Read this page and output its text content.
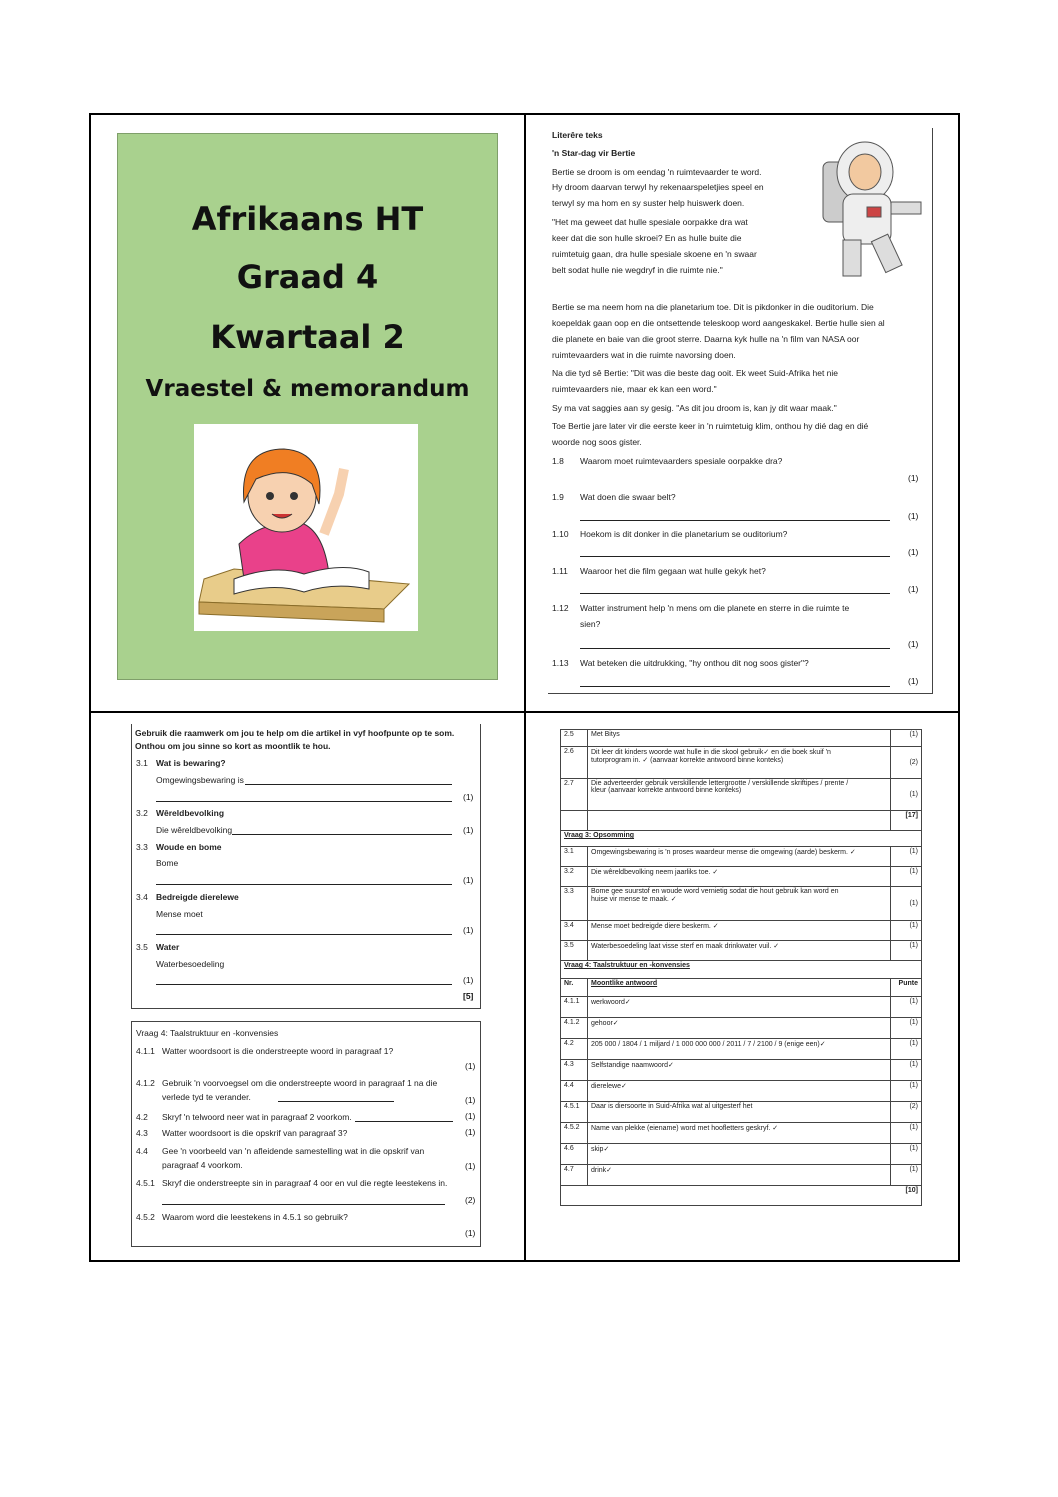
Afrikaans HT
Graad 4
Kwartaal 2
Vraestel & memorandum
Literêre teks
'n Star-dag vir Bertie
Bertie se droom is om eendag 'n ruimtevaarder te word.
Hy droom daarvan terwyl hy rekenaarspeletjies speel en
terwyl sy ma hom en sy suster help huiswerk doen.
"Het ma geweet dat hulle spesiale oorpakke dra wat
keer dat die son hulle skroei? En as hulle buite die
ruimtetuig gaan, dra hulle spesiale skoene en 'n swaar
belt sodat hulle nie wegdryf in die ruimte nie."
Bertie se ma neem hom na die planetarium toe. Dit is pikdonker in die ouditorium. Die
koepeldak gaan oop en die ontsettende teleskoop word aangeskakel. Bertie hulle sien al
die planete en baie van die groot sterre. Daarna kyk hulle na 'n film van NASA oor
ruimtevaarders wat in die ruimte navorsing doen.
Na die tyd sê Bertie: "Dit was die beste dag ooit. Ek weet Suid-Afrika het nie
ruimtevaarders nie, maar ek kan een word."
Sy ma vat saggies aan sy gesig. "As dit jou droom is, kan jy dit waar maak."
Toe Bertie jare later vir die eerste keer in 'n ruimtetuig klim, onthou hy dié dag en dié
woorde nog soos gister.
1.8 Waarom moet ruimtevaarders spesiale oorpakke dra?
(1)
1.9 Wat doen die swaar belt?
(1)
1.10 Hoekom is dit donker in die planetarium se ouditorium?
(1)
1.11 Waaroor het die film gegaan wat hulle gekyk het?
(1)
1.12 Watter instrument help 'n mens om die planete en sterre in die ruimte te
sien?
(1)
1.13 Wat beteken die uitdrukking, "hy onthou dit nog soos gister"?
(1)
Gebruik die raamwerk om jou te help om die artikel in vyf hoofpunte op te som.
Onthou om jou sinne so kort as moontlik te hou.
3.1 Wat is bewaring?
Omgewingsbewaring is
(1)
3.2 Wêreldbevolking
Die wêreldbevolking	(1)
3.3 Woude en bome
Bome
(1)
3.4 Bedreigde dierelewe
Mense moet
(1)
3.5 Water
Waterbesoedeling
(1)
[5]
Vraag 4: Taalstruktuur en -konvensies
4.1.1 Watter woordsoort is die onderstreepte woord in paragraaf 1?
(1)
4.1.2 Gebruik 'n voorvoegsel om die onderstreepte woord in paragraaf 1 na die
verlede tyd te verander.	(1)
4.2 Skryf 'n telwoord neer wat in paragraaf 2 voorkom.	(1)
4.3 Watter woordsoort is die opskrif van paragraaf 3?	(1)
4.4 Gee 'n voorbeeld van 'n afleidende samestelling wat in die opskrif van
paragraaf 4 voorkom.	(1)
4.5.1 Skryf die onderstreepte sin in paragraaf 4 oor en vul die regte leestekens in.
(2)
4.5.2 Waarom word die leestekens in 4.5.1 so gebruik?
(1)
2.5	Met Bitys	(1)
2.6	Dit leer dit kinders woorde wat hulle in die skool gebruik✓ en die boek skuif 'n
tutorprogram in. ✓ (aanvaar korrekte antwoord binne konteks)	(2)
2.7	Die adverteerder gebruik verskillende lettergrootte / verskillende skriftipes / prente /
kleur (aanvaar korrekte antwoord binne konteks)	(1)
		[17]
Vraag 3: Opsomming		
3.1	Omgewingsbewaring is 'n proses waardeur mense die omgewing (aarde) beskerm. ✓	(1)
3.2	Die wêreldbevolking neem jaarliks toe. ✓	(1)
3.3	Bome gee suurstof en woude word vernietig sodat die hout gebruik kan word en
huise vir mense te maak. ✓	(1)
3.4	Mense moet bedreigde diere beskerm. ✓	(1)
3.5	Waterbesoedeling laat visse sterf en maak drinkwater vuil. ✓	(1)
Vraag 4: Taalstruktuur en -konvensies		
Nr.	Moontlike antwoord	Punte
4.1.1	werkwoord✓	(1)
4.1.2	gehoor✓	(1)
4.2	205 000 / 1804 / 1 miljard / 1 000 000 000 / 2011 / 7 / 2100 / 9 (enige een)✓	(1)
4.3	Selfstandige naamwoord✓	(1)
4.4	dierelewe✓	(1)
4.5.1	Daar is diersoorte in Suid-Afrika wat al uitgesterf het	(2)
4.5.2	Name van plekke (eiename) word met hoofletters geskryf. ✓	(1)
4.6	skip✓	(1)
4.7	drink✓	(1)
[10]		
